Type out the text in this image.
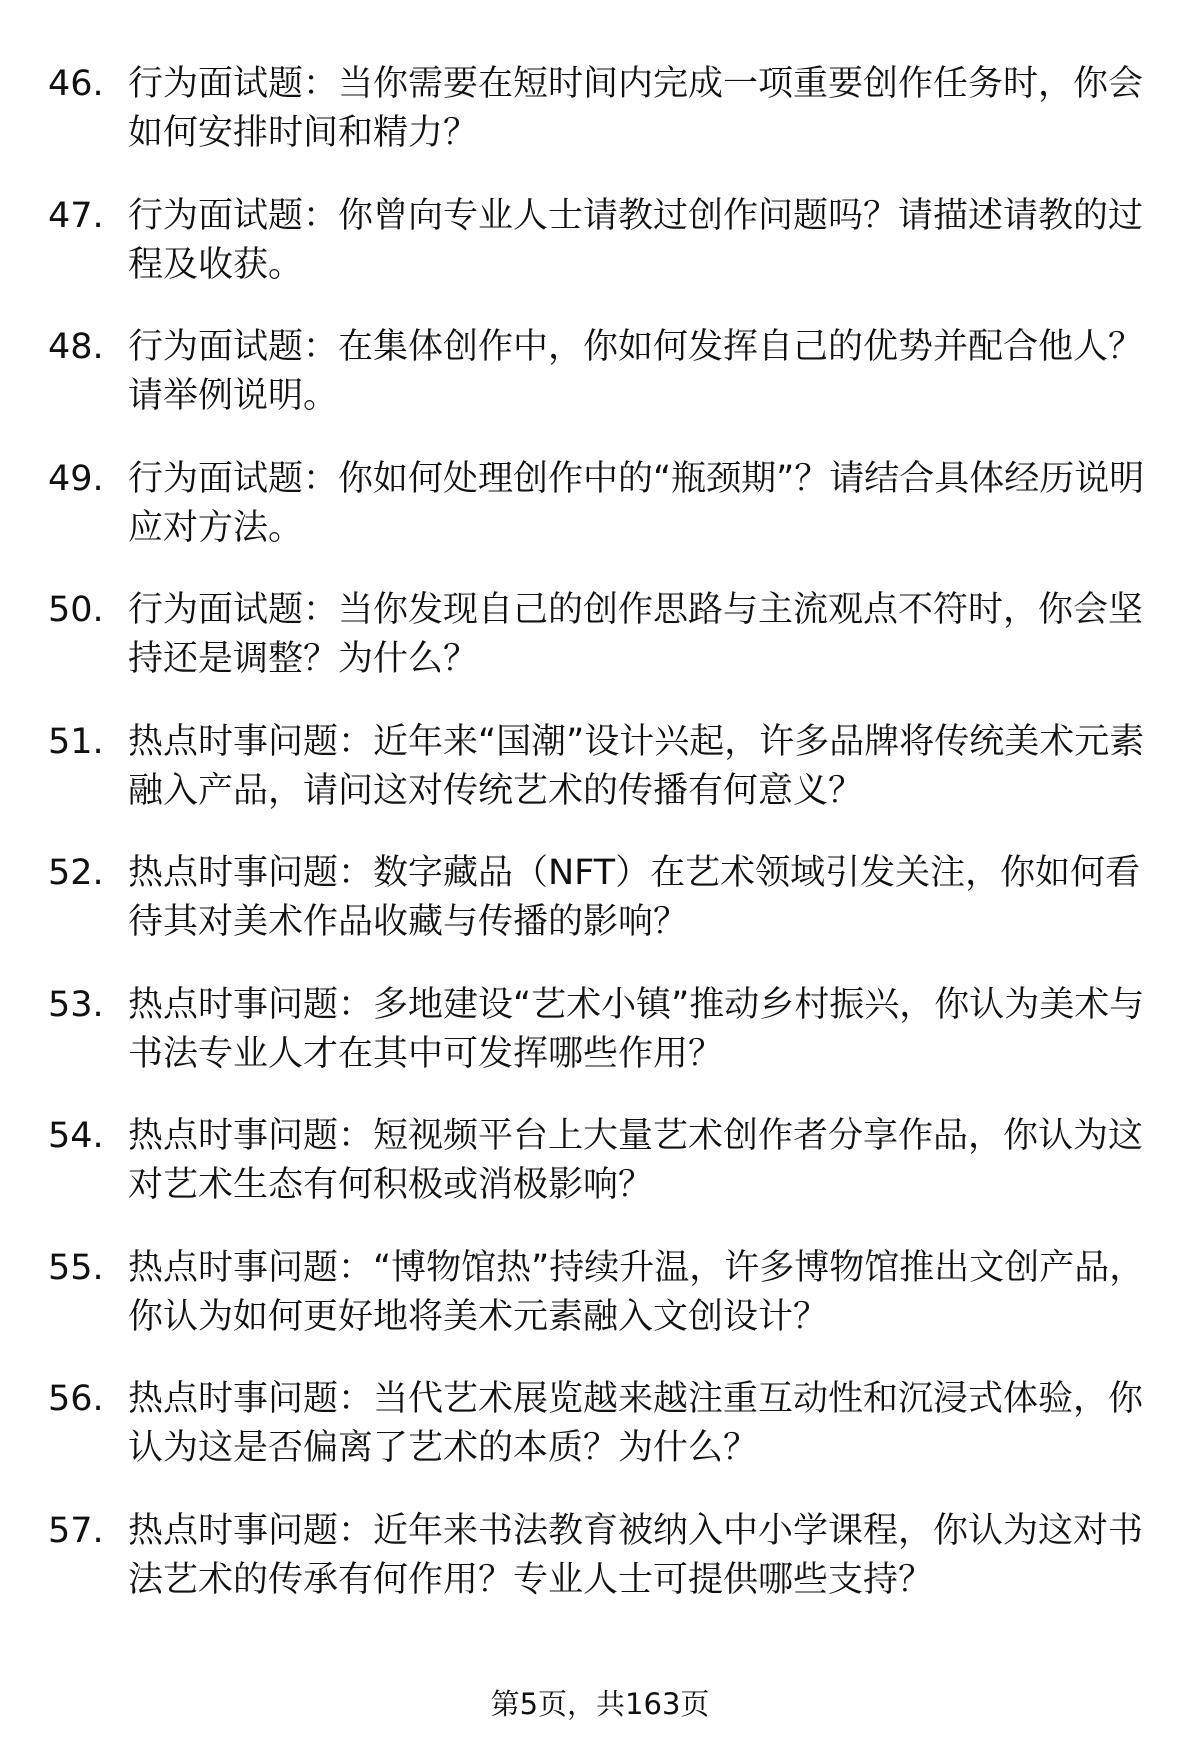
46. 行为面试题：当你需要在短时间内完成一项重要创作任务时，你会如何安排时间和精力？
47. 行为面试题：你曾向专业人士请教过创作问题吗？请描述请教的过程及收获。
48. 行为面试题：在集体创作中，你如何发挥自己的优势并配合他人？请举例说明。
49. 行为面试题：你如何处理创作中的“瓶颈期”？请结合具体经历说明应对方法。
50. 行为面试题：当你发现自己的创作思路与主流观点不符时，你会坚持还是调整？为什么？
51. 热点时事问题：近年来“国潮”设计兴起，许多品牌将传统美术元素融入产品，请问这对传统艺术的传播有何意义？
52. 热点时事问题：数字藏品（NFT）在艺术领域引发关注，你如何看待其对美术作品收藏与传播的影响？
53. 热点时事问题：多地建设“艺术小镇”推动乡村振兴，你认为美术与书法专业人才在其中可发挥哪些作用？
54. 热点时事问题：短视频平台上大量艺术创作者分享作品，你认为这对艺术生态有何积极或消极影响？
55. 热点时事问题：“博物馆热”持续升温，许多博物馆推出文创产品，你认为如何更好地将美术元素融入文创设计？
56. 热点时事问题：当代艺术展览越来越注重互动性和沉浸式体验，你认为这是否偏离了艺术的本质？为什么？
57. 热点时事问题：近年来书法教育被纳入中小学课程，你认为这对书法艺术的传承有何作用？专业人士可提供哪些支持？
第5页，共163页
